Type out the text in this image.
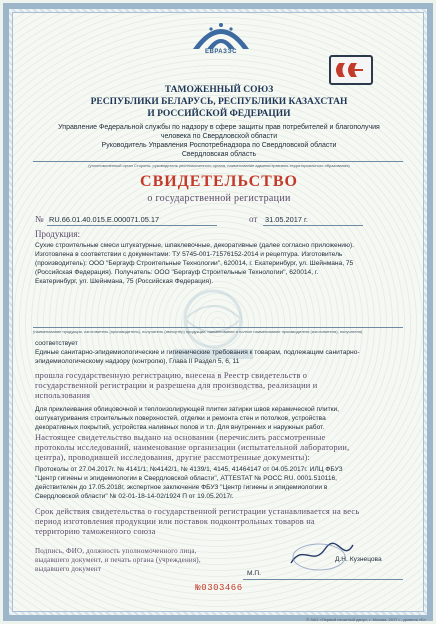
ЕВРАЗЭС
ТАМОЖЕННЫЙ СОЮЗ
РЕСПУБЛИКИ БЕЛАРУСЬ, РЕСПУБЛИКИ КАЗАХСТАН
И РОССИЙСКОЙ ФЕДЕРАЦИИ
Управление Федеральной службы по надзору в сфере защиты прав потребителей и благополучия
человека по Свердловской области
Руководитель Управления Роспотребнадзора по Свердловской области
Свердловская область
(уполномоченный орган Стороны, руководитель уполномоченного органа, наименование административно-территориального образования)
СВИДЕТЕЛЬСТВО
о государственной регистрации
№ RU.66.01.40.015.E.000071.05.17	от 31.05.2017 г.
Продукция:
Сухие строительные смеси штукатурные, шпаклевочные, декоративные (далее согласно приложению).
Изготовлена в соответствии с документами: ТУ 5745-001-71576152-2014 и рецептура. Изготовитель
(производитель): ООО "Бергауф Строительные Технологии", 620014, г. Екатеринбург, ул. Шейнмана, 75
(Российская Федерация). Получатель: ООО "Бергауф Строительные Технологии", 620014, г.
Екатеринбург, ул. Шейнмана, 75 (Российская Федерация).
(наименование продукции, изготовитель (производитель), получатель (импортёр) продукции, наименование и полное наименование производителя (изготовителя), получателя)
соответствует
Единые санитарно-эпидемиологические и гигиенические требования к товарам, подлежащим санитарно-
эпидемиологическому надзору (контролю), Глава II Раздел 5, 6, 11
прошла государственную регистрацию, внесена в Реестр свидетельств о
государственной регистрации и разрешена для производства, реализации и
использования
Для приклеивания облицовочной и теплоизолирующей плитки затирки швов керамической плитки,
оштукатуривания строительных поверхностей, отделки и ремонта стен и потолков, устройства
декоративных покрытий, устройства наливных полов и т.п. Для внутренних и наружных работ.
Настоящее свидетельство выдано на основании (перечислить рассмотренные
протоколы исследований, наименование организации (испытательной лаборатории,
центра), проводившей исследования, другие рассмотренные документы):
Протоколы от 27.04.2017г. № 4141/1; №4142/1, № 4139/1, 4145, 41464147 от 04.05.2017г. ИЛЦ ФБУЗ
"Центр гигиены и эпидемиологии в Свердловской области", ATTESTAT № РОСС RU. 0001.510116,
действителен до 17.05.2018г, экспертное заключение ФБУЗ "Центр гигиены и эпидемиологии в
Свердловской области" № 02-01-18-14-02/1924 П от 19.05.2017г.
Срок действия свидетельства о государственной регистрации устанавливается на весь
период изготовления продукции или поставок подконтрольных товаров на
территорию таможенного союза
Подпись, ФИО, должность уполномоченного лица,
выдавшего документ, и печать органа (учреждения),
выдавшего документ
М.П.
Д.Н. Кузнецова
№0303466
© ЗАО «Первый печатный двор», г. Москва, 2017 г., уровень «Б»
